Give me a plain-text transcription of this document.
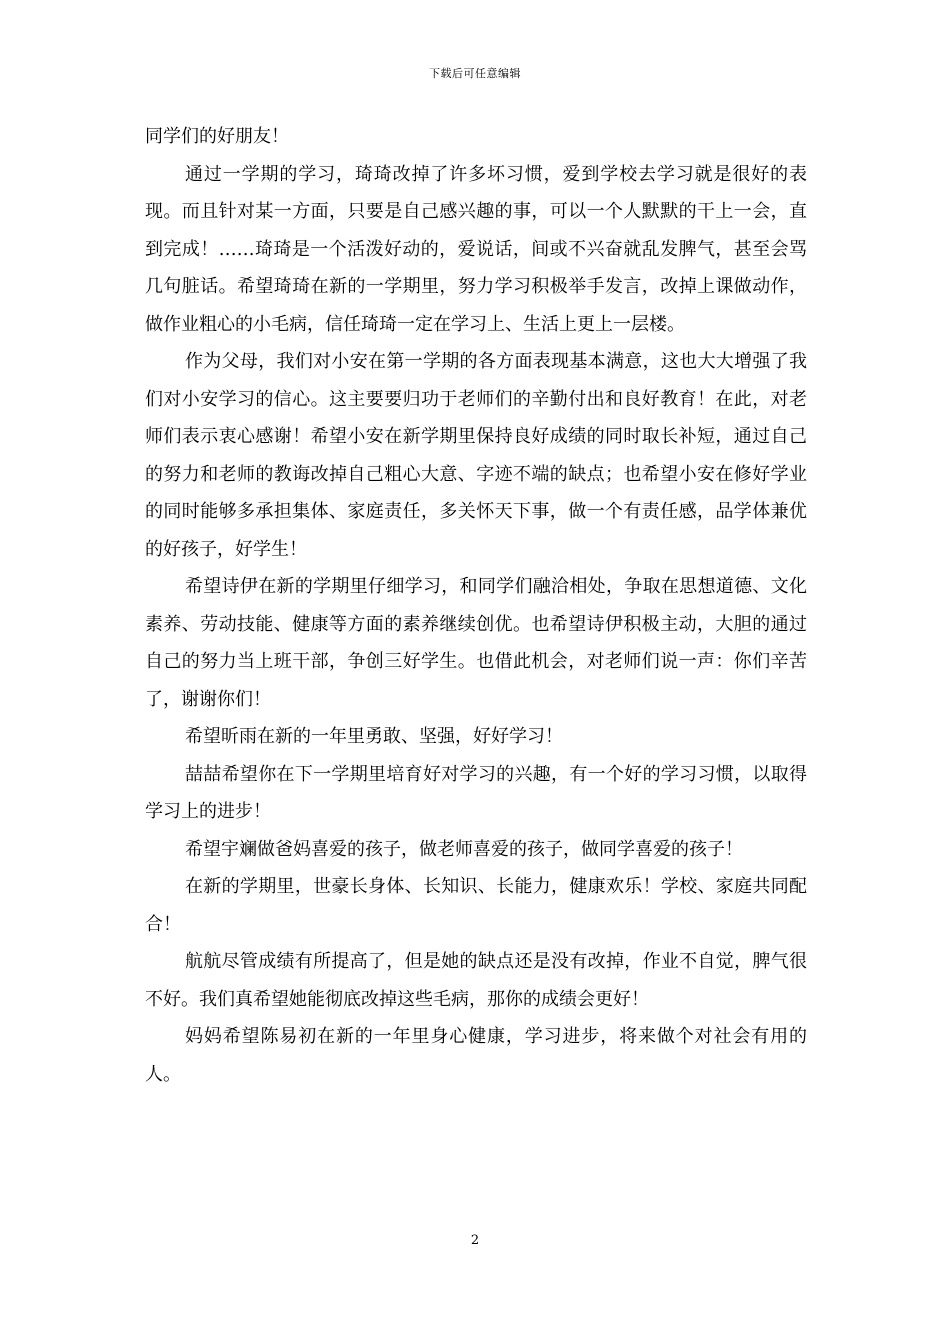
下载后可任意编辑

同学们的好朋友！

通过一学期的学习，琦琦改掉了许多坏习惯，爱到学校去学习就是很好的表现。而且针对某一方面，只要是自己感兴趣的事，可以一个人默默的干上一会，直到完成！……琦琦是一个活泼好动的，爱说话，间或不兴奋就乱发脾气，甚至会骂几句脏话。希望琦琦在新的一学期里，努力学习积极举手发言，改掉上课做动作，做作业粗心的小毛病，信任琦琦一定在学习上、生活上更上一层楼。

作为父母，我们对小安在第一学期的各方面表现基本满意，这也大大增强了我们对小安学习的信心。这主要要归功于老师们的辛勤付出和良好教育！在此，对老师们表示衷心感谢！希望小安在新学期里保持良好成绩的同时取长补短，通过自己的努力和老师的教诲改掉自己粗心大意、字迹不端的缺点；也希望小安在修好学业的同时能够多承担集体、家庭责任，多关怀天下事，做一个有责任感，品学体兼优的好孩子，好学生！

希望诗伊在新的学期里仔细学习，和同学们融洽相处，争取在思想道德、文化素养、劳动技能、健康等方面的素养继续创优。也希望诗伊积极主动，大胆的通过自己的努力当上班干部，争创三好学生。也借此机会，对老师们说一声：你们辛苦了，谢谢你们！

希望昕雨在新的一年里勇敢、坚强，好好学习！

喆喆希望你在下一学期里培育好对学习的兴趣，有一个好的学习习惯，以取得学习上的进步！

希望宇斓做爸妈喜爱的孩子，做老师喜爱的孩子，做同学喜爱的孩子！

在新的学期里，世豪长身体、长知识、长能力，健康欢乐！学校、家庭共同配合！

航航尽管成绩有所提高了，但是她的缺点还是没有改掉，作业不自觉，脾气很不好。我们真希望她能彻底改掉这些毛病，那你的成绩会更好！

妈妈希望陈易初在新的一年里身心健康，学习进步，将来做个对社会有用的人。

2
